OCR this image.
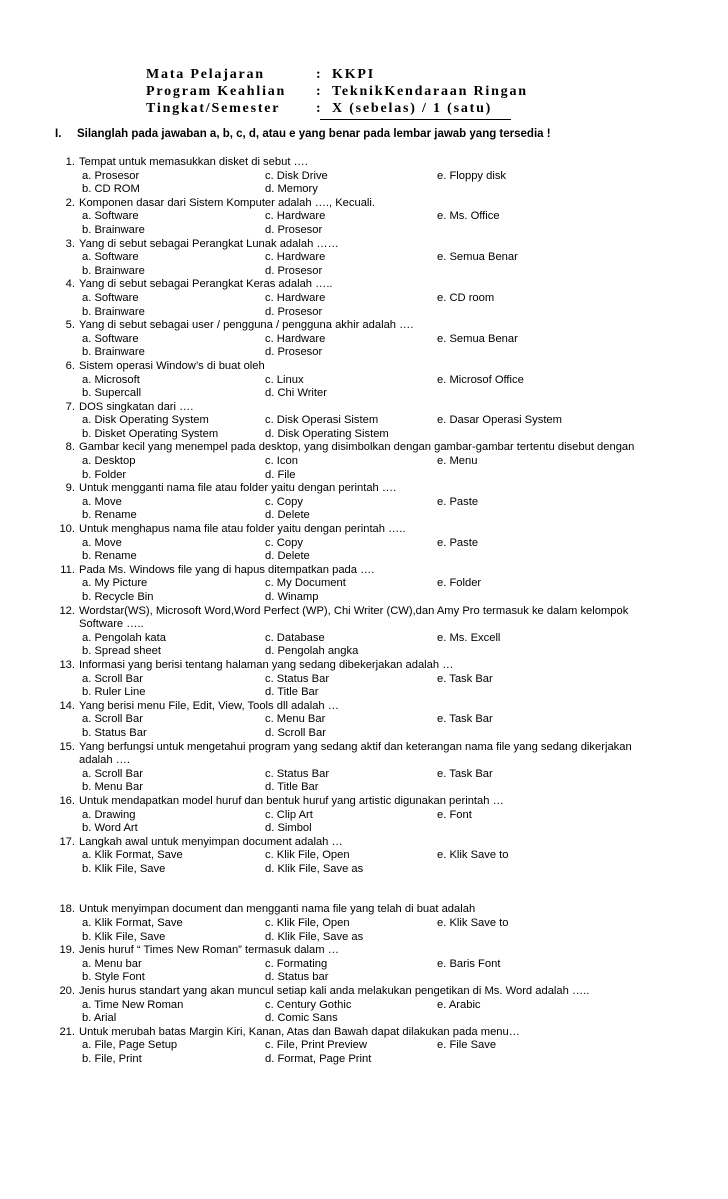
Mata Pelajaran	: KKPI
Program Keahlian : TeknikKendaraan Ringan
Tingkat/Semester	: X (sebelas) / 1 (satu)
I. Silanglah pada jawaban a, b, c, d, atau e yang benar pada lembar jawab yang tersedia !
1. Tempat untuk memasukkan disket di sebut ….
a. Prosesor	c. Disk Drive	e. Floppy disk
b. CD ROM	d. Memory
2. Komponen dasar dari Sistem Komputer adalah …., Kecuali.
a. Software	c. Hardware	e. Ms. Office
b. Brainware	d. Prosesor
3. Yang di sebut sebagai Perangkat Lunak adalah ……
a. Software	c. Hardware	e. Semua Benar
b. Brainware	d. Prosesor
4. Yang di sebut sebagai Perangkat Keras adalah …..
a. Software	c. Hardware	e. CD room
b. Brainware	d. Prosesor
5. Yang di sebut sebagai user / pengguna / pengguna akhir adalah ….
a. Software	c. Hardware	e. Semua Benar
b. Brainware	d. Prosesor
6. Sistem operasi Window’s di buat oleh
a. Microsoft	c. Linux	e. Microsof Office
b. Supercall	d. Chi Writer
7. DOS singkatan dari ….
a. Disk Operating System	c. Disk Operasi Sistem	e. Dasar Operasi System
b. Disket Operating System	d. Disk Operating Sistem
8. Gambar kecil yang menempel pada desktop, yang disimbolkan dengan gambar-gambar tertentu disebut dengan
a. Desktop	c. Icon	e. Menu
b. Folder	d. File
9. Untuk mengganti nama file atau folder yaitu dengan perintah ….
a. Move	c. Copy	e. Paste
b. Rename	d. Delete
10. Untuk menghapus nama file atau folder yaitu dengan perintah …..
a. Move	c. Copy	e. Paste
b. Rename	d. Delete
11. Pada Ms. Windows file yang di hapus ditempatkan pada ….
a. My Picture	c. My Document	e. Folder
b. Recycle Bin	d. Winamp
12. Wordstar(WS), Microsoft Word,Word Perfect (WP), Chi Writer (CW),dan Amy Pro termasuk ke dalam kelompok
Software …..
a. Pengolah kata	c. Database	e. Ms. Excell
b. Spread sheet	d. Pengolah angka
13. Informasi yang berisi tentang halaman yang sedang dibekerjakan adalah …
a. Scroll Bar	c. Status Bar	e. Task Bar
b. Ruler Line	d. Title Bar
14. Yang berisi menu File, Edit, View, Tools dll adalah …
a. Scroll Bar	c. Menu Bar	e. Task Bar
b. Status Bar	d. Scroll Bar
15. Yang berfungsi untuk mengetahui program yang sedang aktif dan keterangan nama file yang sedang dikerjakan
adalah ….
a. Scroll Bar	c. Status Bar	e. Task Bar
b. Menu Bar	d. Title Bar
16. Untuk mendapatkan model huruf dan bentuk huruf yang artistic digunakan perintah …
a. Drawing	c. Clip Art	e. Font
b. Word Art	d. Simbol
17. Langkah awal untuk menyimpan document adalah …
a. Klik Format, Save	c. Klik File, Open	e. Klik Save to
b. Klik File, Save	d. Klik File, Save as
18. Untuk menyimpan document dan mengganti nama file yang telah di buat adalah
a. Klik Format, Save	c. Klik File, Open	e. Klik Save to
b. Klik File, Save	d. Klik File, Save as
19. Jenis huruf “ Times New Roman” termasuk dalam …
a. Menu bar	c. Formating	e. Baris Font
b. Style Font	d. Status bar
20. Jenis hurus standart yang akan muncul setiap kali anda melakukan pengetikan di Ms. Word adalah …..
a. Time New Roman	c. Century Gothic	e. Arabic
b. Arial	d. Comic Sans
21. Untuk merubah batas Margin Kiri, Kanan, Atas dan Bawah dapat dilakukan pada menu…
a. File, Page Setup	c. File, Print Preview	e. File Save
b. File, Print	d. Format, Page Print
